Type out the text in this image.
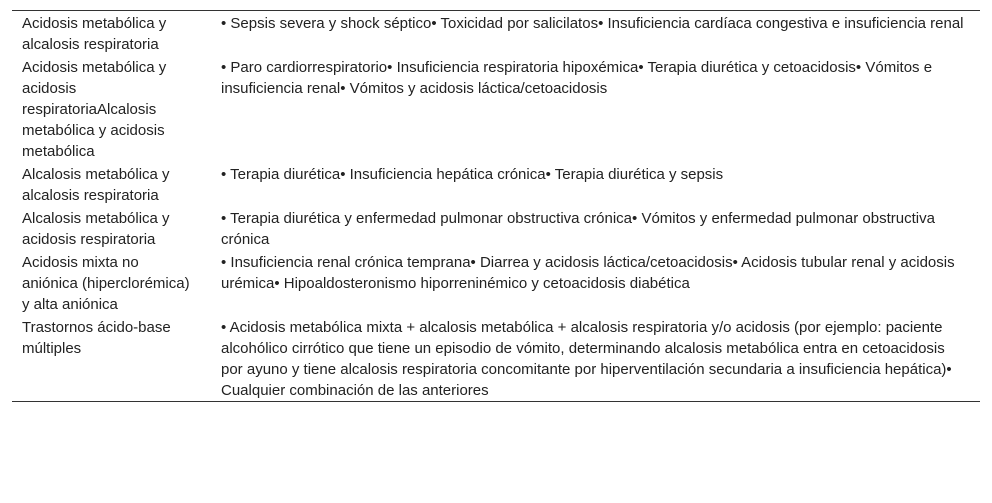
Acidosis metabólica y alcalosis respiratoria	• Sepsis severa y shock séptico• Toxicidad por salicilatos• Insuficiencia cardíaca congestiva e insuficiencia renal
Acidosis metabólica y acidosis respiratoriaAlcalosis metabólica y acidosis metabólica	• Paro cardiorrespiratorio• Insuficiencia respiratoria hipoxémica• Terapia diurética y cetoacidosis• Vómitos e insuficiencia renal• Vómitos y acidosis láctica/cetoacidosis
Alcalosis metabólica y alcalosis respiratoria	• Terapia diurética• Insuficiencia hepática crónica• Terapia diurética y sepsis
Alcalosis metabólica y acidosis respiratoria	• Terapia diurética y enfermedad pulmonar obstructiva crónica• Vómitos y enfermedad pulmonar obstructiva crónica
Acidosis mixta no aniónica (hiperclorémica) y alta aniónica	• Insuficiencia renal crónica temprana• Diarrea y acidosis láctica/cetoacidosis• Acidosis tubular renal y acidosis urémica• Hipoaldosteronismo hiporreninémico y cetoacidosis diabética
Trastornos ácido-base múltiples	• Acidosis metabólica mixta + alcalosis metabólica + alcalosis respiratoria y/o acidosis (por ejemplo: paciente alcohólico cirrótico que tiene un episodio de vómito, determinando alcalosis metabólica entra en cetoacidosis por ayuno y tiene alcalosis respiratoria concomitante por hiperventilación secundaria a insuficiencia hepática)• Cualquier combinación de las anteriores
